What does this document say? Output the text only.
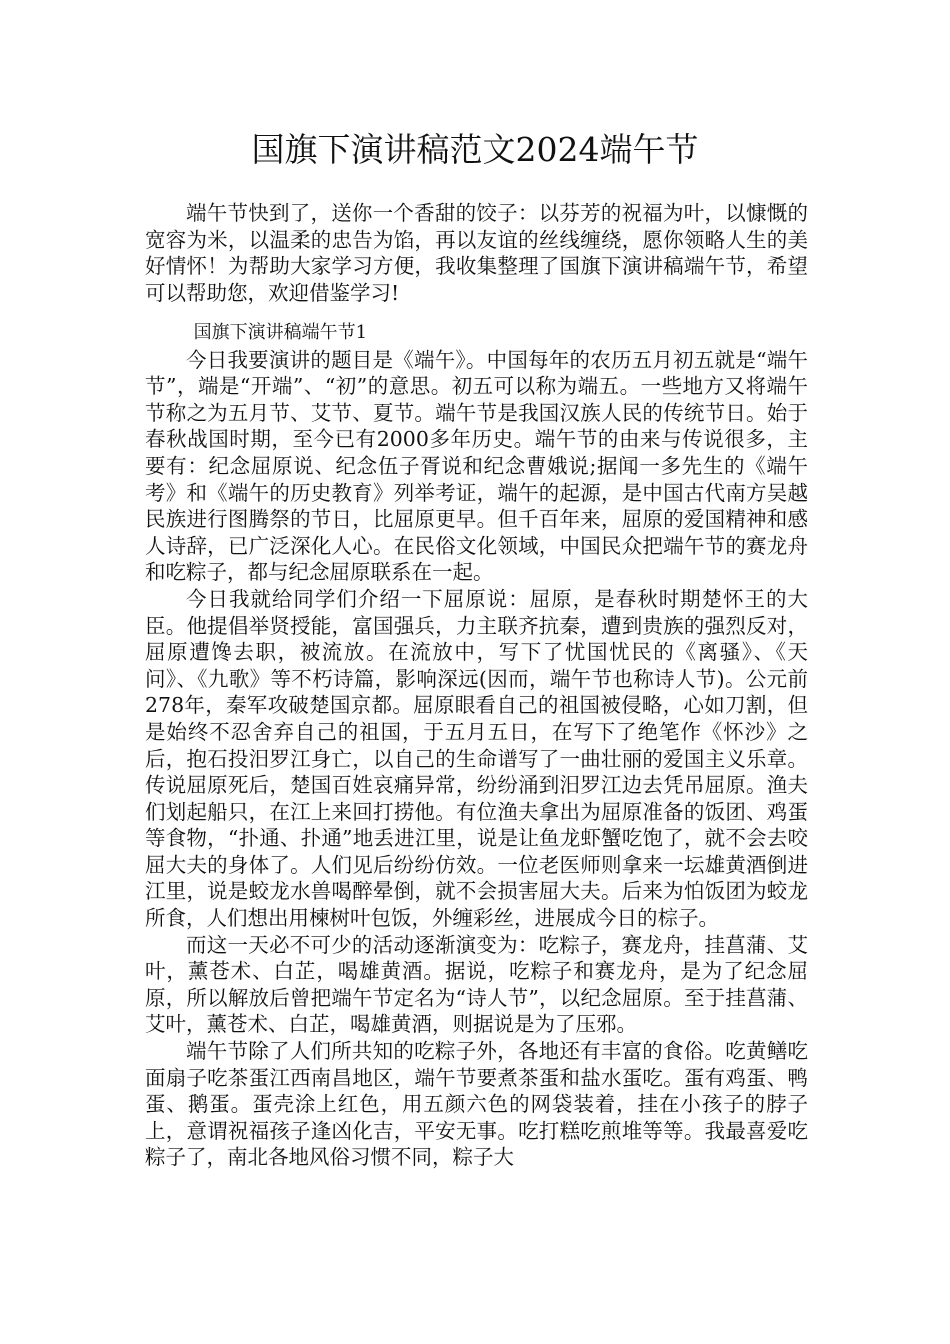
国旗下演讲稿范文2024端午节

端午节快到了，送你一个香甜的饺子：以芬芳的祝福为叶，以慷慨的宽容为米，以温柔的忠告为馅，再以友谊的丝线缠绕，愿你领略人生的美好情怀！为帮助大家学习方便，我收集整理了国旗下演讲稿端午节，希望可以帮助您，欢迎借鉴学习!

国旗下演讲稿端午节1

今日我要演讲的题目是《端午》。中国每年的农历五月初五就是“端午节”，端是“开端”、“初”的意思。初五可以称为端五。一些地方又将端午节称之为五月节、艾节、夏节。端午节是我国汉族人民的传统节日。始于春秋战国时期，至今已有2000多年历史。端午节的由来与传说很多，主要有：纪念屈原说、纪念伍子胥说和纪念曹娥说;据闻一多先生的《端午考》和《端午的历史教育》列举考证，端午的起源，是中国古代南方吴越民族进行图腾祭的节日，比屈原更早。但千百年来，屈原的爱国精神和感人诗辞，已广泛深化人心。在民俗文化领域，中国民众把端午节的赛龙舟和吃粽子，都与纪念屈原联系在一起。

今日我就给同学们介绍一下屈原说：屈原，是春秋时期楚怀王的大臣。他提倡举贤授能，富国强兵，力主联齐抗秦，遭到贵族的强烈反对，屈原遭馋去职，被流放。在流放中，写下了忧国忧民的《离骚》、《天问》、《九歌》等不朽诗篇，影响深远(因而，端午节也称诗人节)。公元前278年，秦军攻破楚国京都。屈原眼看自己的祖国被侵略，心如刀割，但是始终不忍舍弃自己的祖国，于五月五日，在写下了绝笔作《怀沙》之后，抱石投汨罗江身亡，以自己的生命谱写了一曲壮丽的爱国主义乐章。传说屈原死后，楚国百姓哀痛异常，纷纷涌到汨罗江边去凭吊屈原。渔夫们划起船只，在江上来回打捞他。有位渔夫拿出为屈原准备的饭团、鸡蛋等食物，“扑通、扑通”地丢进江里，说是让鱼龙虾蟹吃饱了，就不会去咬屈大夫的身体了。人们见后纷纷仿效。一位老医师则拿来一坛雄黄酒倒进江里，说是蛟龙水兽喝醉晕倒，就不会损害屈大夫。后来为怕饭团为蛟龙所食，人们想出用楝树叶包饭，外缠彩丝，进展成今日的棕子。

而这一天必不可少的活动逐渐演变为：吃粽子，赛龙舟，挂菖蒲、艾叶，薰苍术、白芷，喝雄黄酒。据说，吃粽子和赛龙舟，是为了纪念屈原，所以解放后曾把端午节定名为“诗人节”，以纪念屈原。至于挂菖蒲、艾叶，薰苍术、白芷，喝雄黄酒，则据说是为了压邪。

端午节除了人们所共知的吃粽子外，各地还有丰富的食俗。吃黄鳝吃面扇子吃茶蛋江西南昌地区，端午节要煮茶蛋和盐水蛋吃。蛋有鸡蛋、鸭蛋、鹅蛋。蛋壳涂上红色，用五颜六色的网袋装着，挂在小孩子的脖子上，意谓祝福孩子逢凶化吉，平安无事。吃打糕吃煎堆等等。我最喜爱吃粽子了，南北各地风俗习惯不同，粽子大
